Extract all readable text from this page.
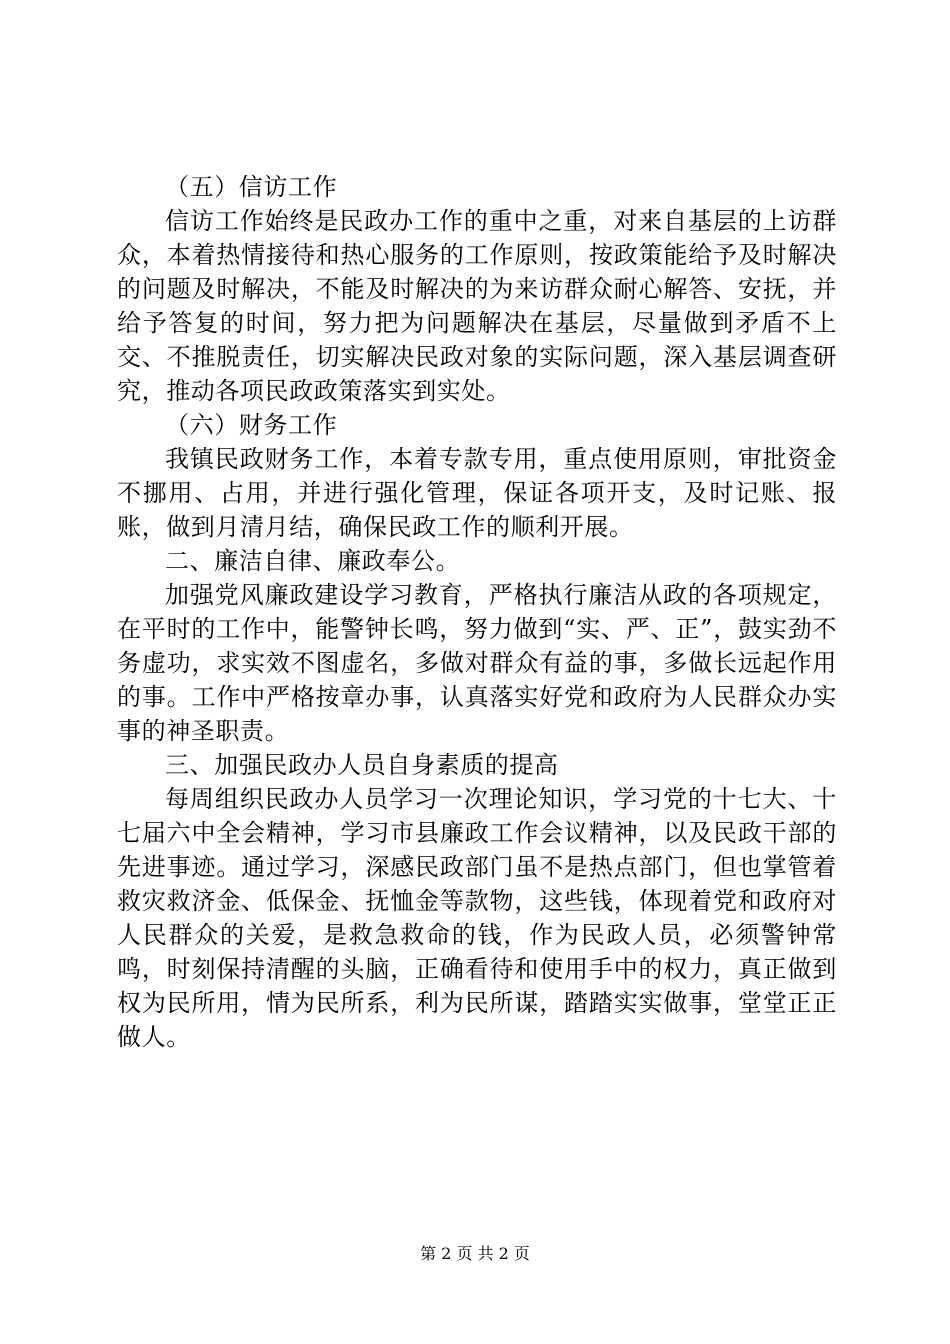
（五）信访工作

信访工作始终是民政办工作的重中之重，对来自基层的上访群众，本着热情接待和热心服务的工作原则，按政策能给予及时解决的问题及时解决，不能及时解决的为来访群众耐心解答、安抚，并给予答复的时间，努力把为问题解决在基层，尽量做到矛盾不上交、不推脱责任，切实解决民政对象的实际问题，深入基层调查研究，推动各项民政政策落实到实处。

（六）财务工作

我镇民政财务工作，本着专款专用，重点使用原则，审批资金不挪用、占用，并进行强化管理，保证各项开支，及时记账、报账，做到月清月结，确保民政工作的顺利开展。

二、廉洁自律、廉政奉公。

加强党风廉政建设学习教育，严格执行廉洁从政的各项规定，在平时的工作中，能警钟长鸣，努力做到“实、严、正”，鼓实劲不务虚功，求实效不图虚名，多做对群众有益的事，多做长远起作用的事。工作中严格按章办事，认真落实好党和政府为人民群众办实事的神圣职责。

三、加强民政办人员自身素质的提高

每周组织民政办人员学习一次理论知识，学习党的十七大、十七届六中全会精神，学习市县廉政工作会议精神，以及民政干部的先进事迹。通过学习，深感民政部门虽不是热点部门，但也掌管着救灾救济金、低保金、抚恤金等款物，这些钱，体现着党和政府对人民群众的关爱，是救急救命的钱，作为民政人员，必须警钟常鸣，时刻保持清醒的头脑，正确看待和使用手中的权力，真正做到权为民所用，情为民所系，利为民所谋，踏踏实实做事，堂堂正正做人。

第 2 页 共 2 页
